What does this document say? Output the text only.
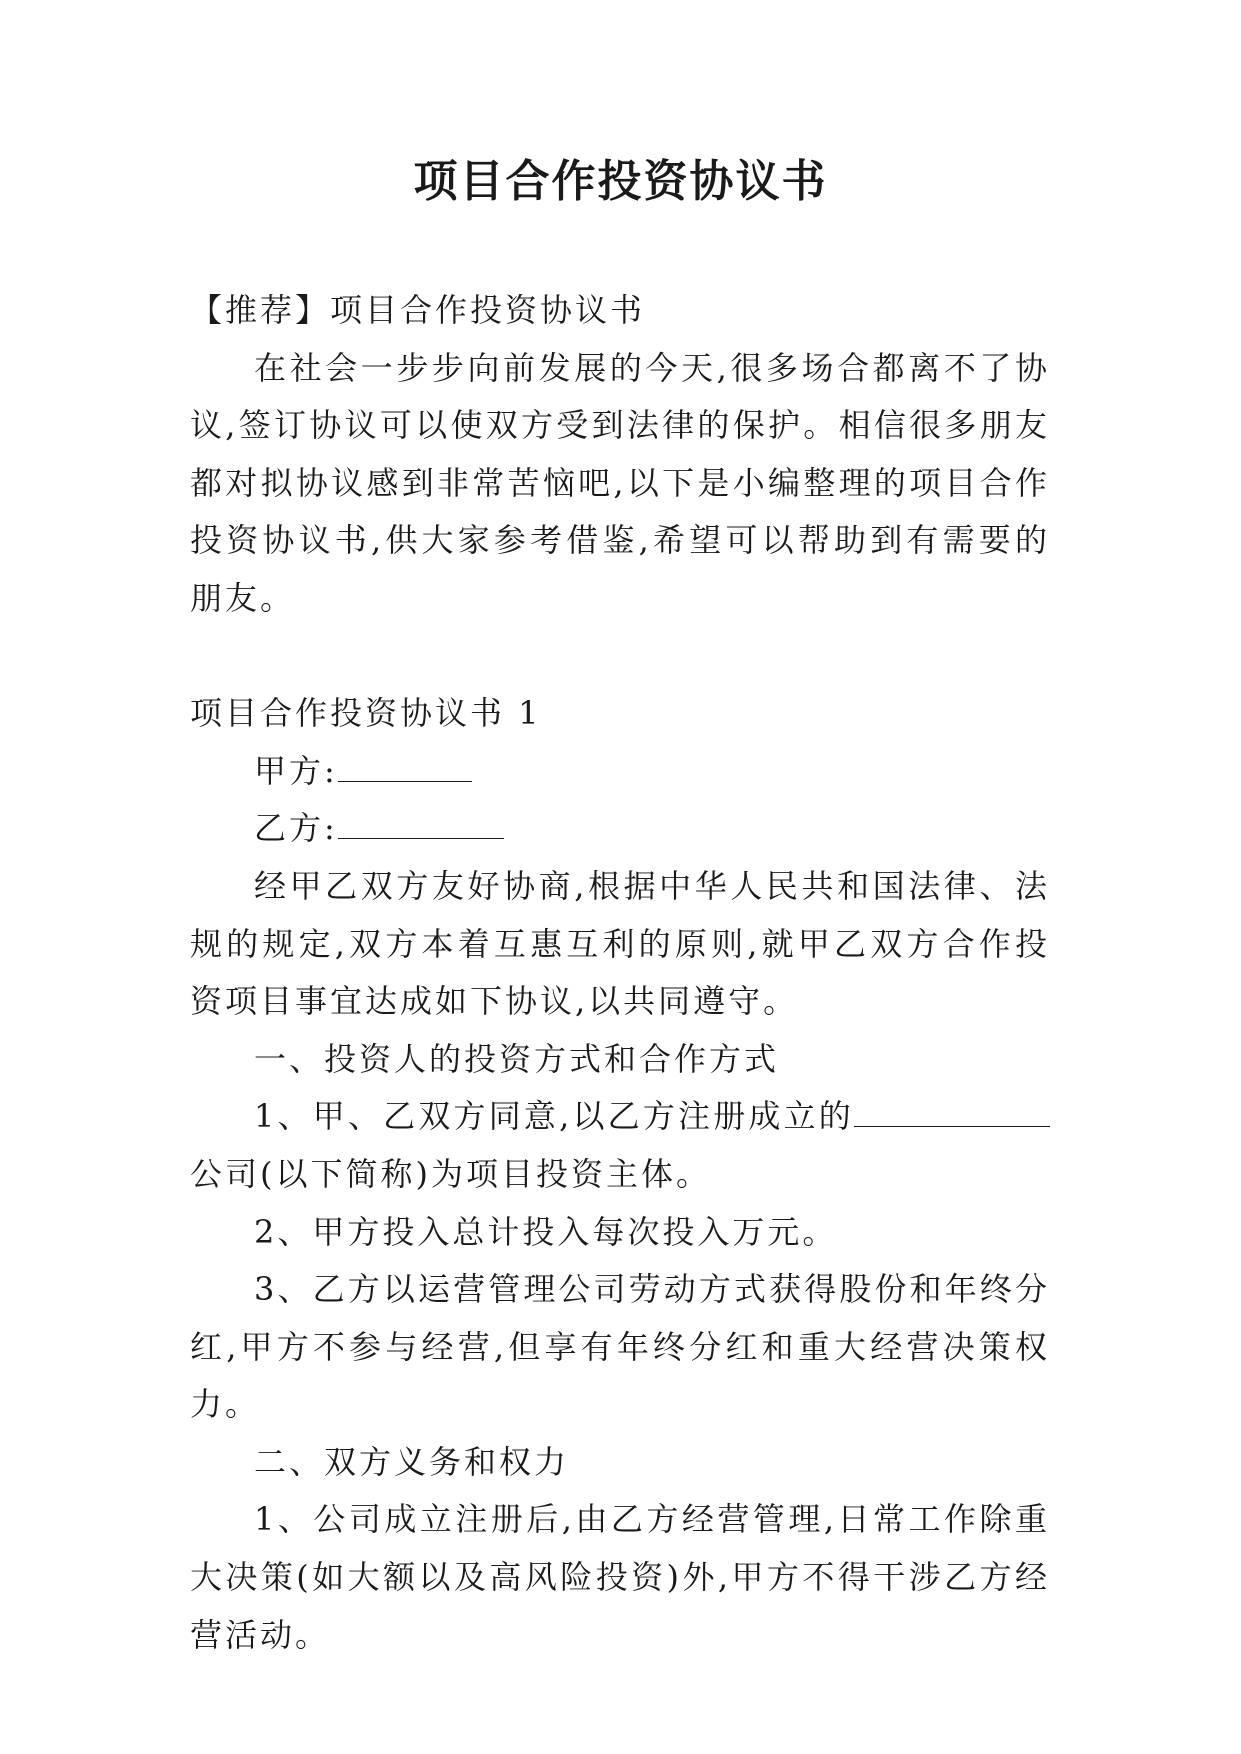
项目合作投资协议书

【推荐】项目合作投资协议书

在社会一步步向前发展的今天,很多场合都离不了协议,签订协议可以使双方受到法律的保护。相信很多朋友都对拟协议感到非常苦恼吧,以下是小编整理的项目合作投资协议书,供大家参考借鉴,希望可以帮助到有需要的朋友。

项目合作投资协议书 1

甲方:

乙方:

经甲乙双方友好协商,根据中华人民共和国法律、法规的规定,双方本着互惠互利的原则,就甲乙双方合作投资项目事宜达成如下协议,以共同遵守。

一、投资人的投资方式和合作方式

1、甲、乙双方同意,以乙方注册成立的公司(以下简称)为项目投资主体。

2、甲方投入总计投入每次投入万元。

3、乙方以运营管理公司劳动方式获得股份和年终分红,甲方不参与经营,但享有年终分红和重大经营决策权力。

二、双方义务和权力

1、公司成立注册后,由乙方经营管理,日常工作除重大决策(如大额以及高风险投资)外,甲方不得干涉乙方经营活动。
